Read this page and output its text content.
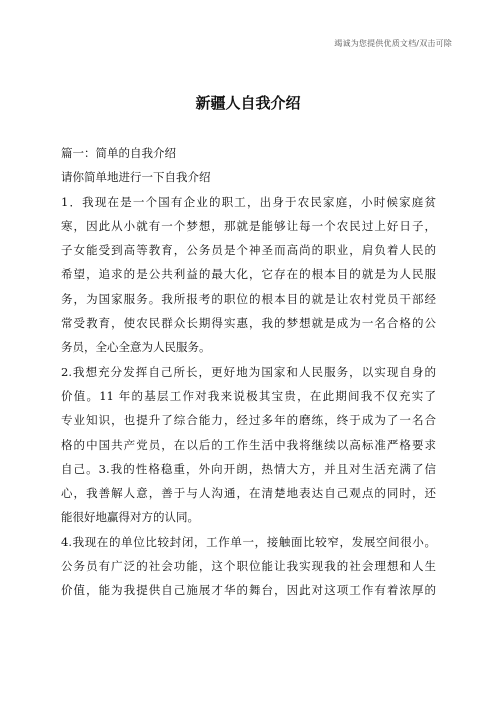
竭诚为您提供优质文档/双击可除
新疆人自我介绍
篇一：简单的自我介绍
请你简单地进行一下自我介绍
1．我现在是一个国有企业的职工，出身于农民家庭，小时候家庭贫
寒，因此从小就有一个梦想，那就是能够让每一个农民过上好日子，
子女能受到高等教育，公务员是个神圣而高尚的职业，肩负着人民的
希望，追求的是公共利益的最大化，它存在的根本目的就是为人民服
务，为国家服务。我所报考的职位的根本目的就是让农村党员干部经
常受教育，使农民群众长期得实惠，我的梦想就是成为一名合格的公
务员，全心全意为人民服务。
2.我想充分发挥自己所长，更好地为国家和人民服务，以实现自身的
价值。11 年的基层工作对我来说极其宝贵，在此期间我不仅充实了
专业知识，也提升了综合能力，经过多年的磨练，终于成为了一名合
格的中国共产党员，在以后的工作生活中我将继续以高标准严格要求
自己。3.我的性格稳重，外向开朗，热情大方，并且对生活充满了信
心，我善解人意，善于与人沟通，在清楚地表达自己观点的同时，还
能很好地赢得对方的认同。
4.我现在的单位比较封闭，工作单一，接触面比较窄，发展空间很小。
公务员有广泛的社会功能，这个职位能让我实现我的社会理想和人生
价值，能为我提供自己施展才华的舞台，因此对这项工作有着浓厚的
